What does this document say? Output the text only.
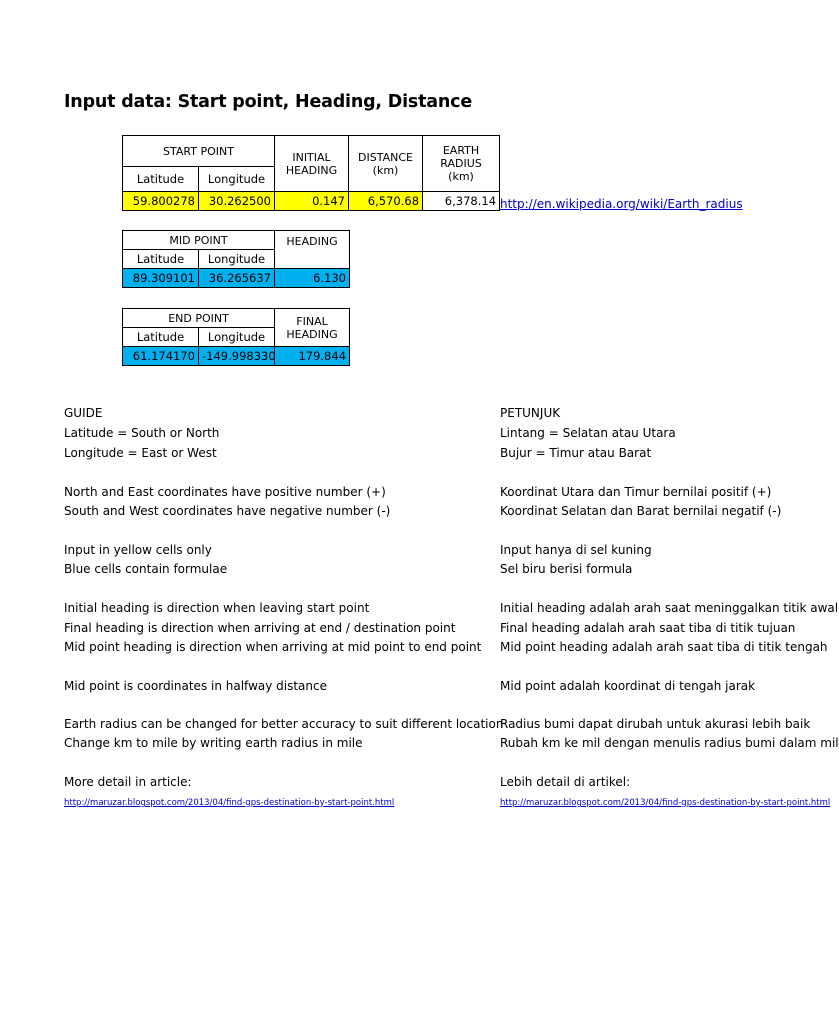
Input data: Start point, Heading, Distance
START POINT		INITIAL HEADING	DISTANCE (km)	EARTH RADIUS (km)
Latitude	Longitude			
59.800278	30.262500	0.147	6,570.68	6,378.14 http://en.wikipedia.org/wiki/Earth_radius
MID POINT		HEADING
Latitude	Longitude	
89.309101	36.265637	6.130
END POINT		FINAL HEADING
Latitude	Longitude	
61.174170	-149.998330	179.844
GUIDE
Latitude = South or North
Longitude = East or West
North and East coordinates have positive number (+)
South and West coordinates have negative number (-)
Input in yellow cells only
Blue cells contain formulae
Initial heading is direction when leaving start point
Final heading is direction when arriving at end / destination point
Mid point heading is direction when arriving at mid point to end point
Mid point is coordinates in halfway distance
Earth radius can be changed for better accuracy to suit different location
Change km to mile by writing earth radius in mile
More detail in article:
http://maruzar.blogspot.com/2013/04/find-gps-destination-by-start-point.html
PETUNJUK
Lintang = Selatan atau Utara
Bujur = Timur atau Barat
Koordinat Utara dan Timur bernilai positif (+)
Koordinat Selatan dan Barat bernilai negatif (-)
Input hanya di sel kuning
Sel biru berisi formula
Initial heading adalah arah saat meninggalkan titik awal
Final heading adalah arah saat tiba di titik tujuan
Mid point heading adalah arah saat tiba di titik tengah
Mid point adalah koordinat di tengah jarak
Radius bumi dapat dirubah untuk akurasi lebih baik
Rubah km ke mil dengan menulis radius bumi dalam mil
Lebih detail di artikel:
http://maruzar.blogspot.com/2013/04/find-gps-destination-by-start-point.html
